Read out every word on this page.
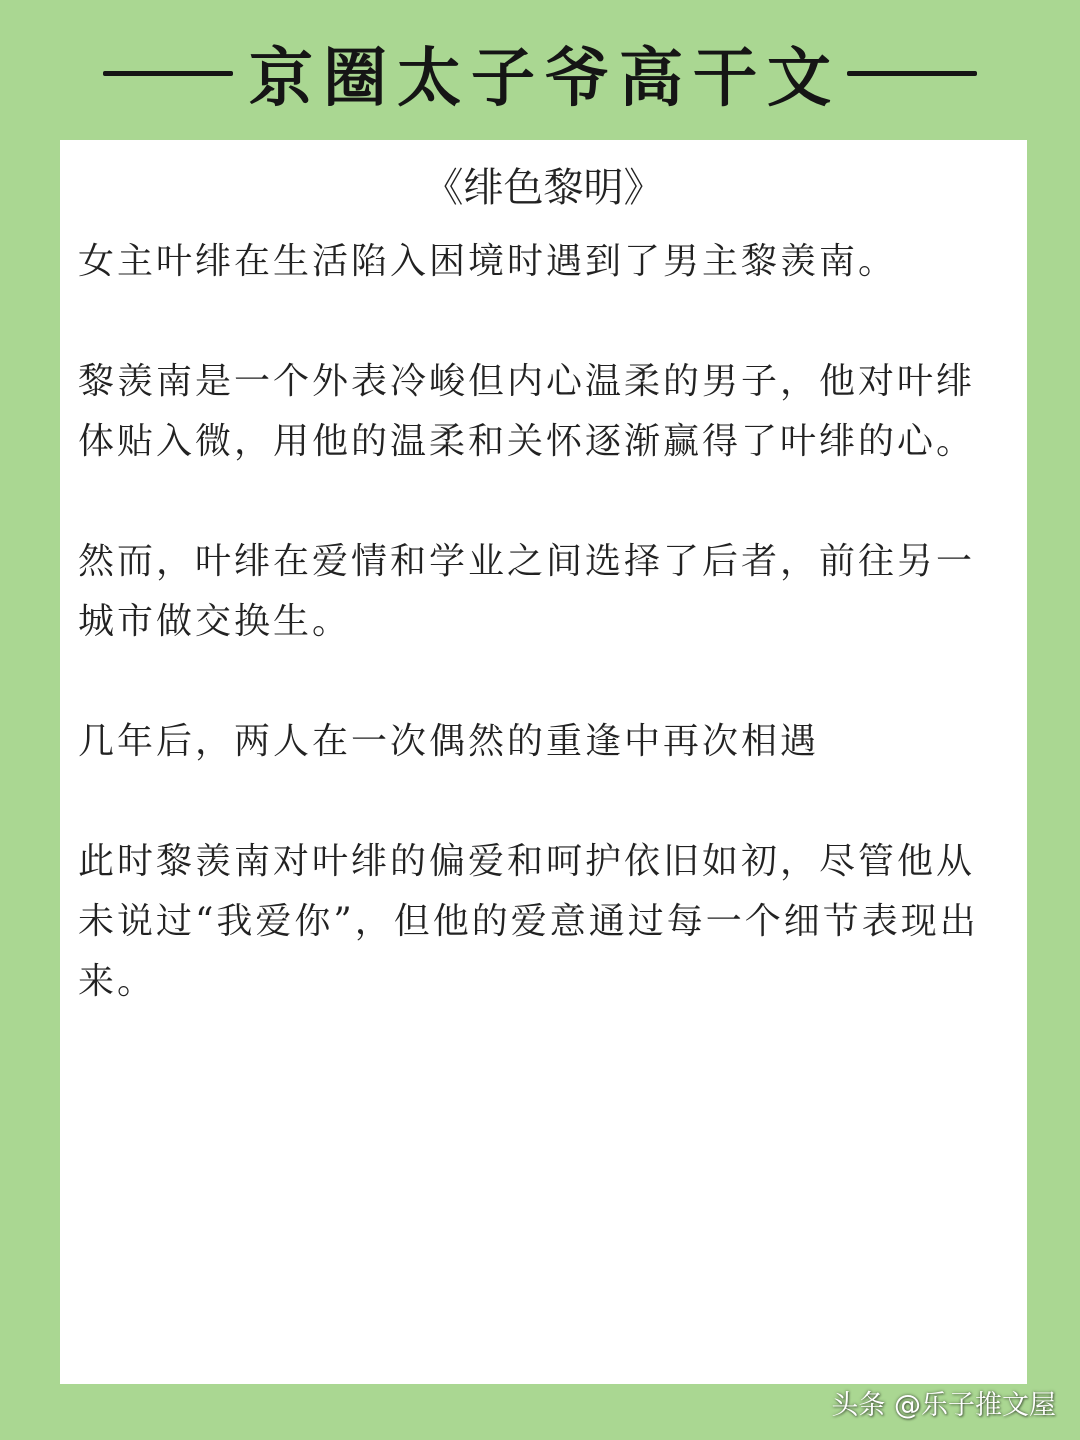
京圈太子爷高干文
《绯色黎明》

女主叶绯在生活陷入困境时遇到了男主黎羡南。

黎羡南是一个外表冷峻但内心温柔的男子，他对叶绯体贴入微，用他的温柔和关怀逐渐赢得了叶绯的心。

然而，叶绯在爱情和学业之间选择了后者，前往另一城市做交换生。

几年后，两人在一次偶然的重逢中再次相遇

此时黎羡南对叶绯的偏爱和呵护依旧如初，尽管他从未说过“我爱你”，但他的爱意通过每一个细节表现出来。

头条 @乐子推文屋
